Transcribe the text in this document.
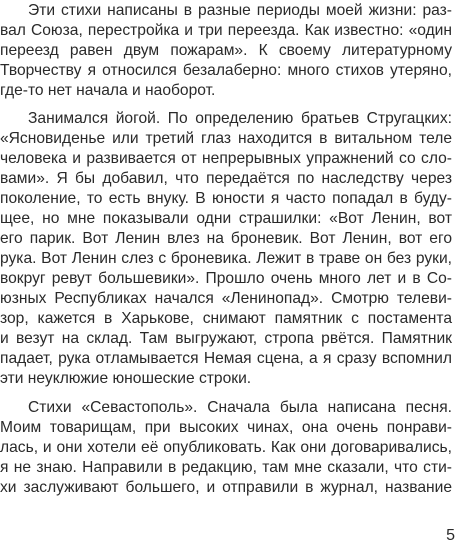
Эти стихи написаны в разные периоды моей жизни: раз-
вал Союза, перестройка и три переезда. Как известно: «один
переезд равен двум пожарам». К своему литературному
Творчеству я относился безалаберно: много стихов утеряно,
где-то нет начала и наоборот.
Занимался йогой. По определению братьев Стругацких:
«Ясновиденье или третий глаз находится в витальном теле
человека и развивается от непрерывных упражнений со сло-
вами». Я бы добавил, что передаётся по наследству через
поколение, то есть внуку. В юности я часто попадал в буду-
щее, но мне показывали одни страшилки: «Вот Ленин, вот
его парик. Вот Ленин влез на броневик. Вот Ленин, вот его
рука. Вот Ленин слез с броневика. Лежит в траве он без руки,
вокруг ревут большевики». Прошло очень много лет и в Со-
юзных Республиках начался «Ленинопад». Смотрю телеви-
зор, кажется в Харькове, снимают памятник с постамента
и везут на склад. Там выгружают, стропа рвётся. Памятник
падает, рука отламывается Немая сцена, а я сразу вспомнил
эти неуклюжие юношеские строки.
Стихи «Севастополь». Сначала была написана песня.
Моим товарищам, при высоких чинах, она очень понрави-
лась, и они хотели её опубликовать. Как они договаривались,
я не знаю. Направили в редакцию, там мне сказали, что сти-
хи заслуживают большего, и отправили в журнал, название
5
